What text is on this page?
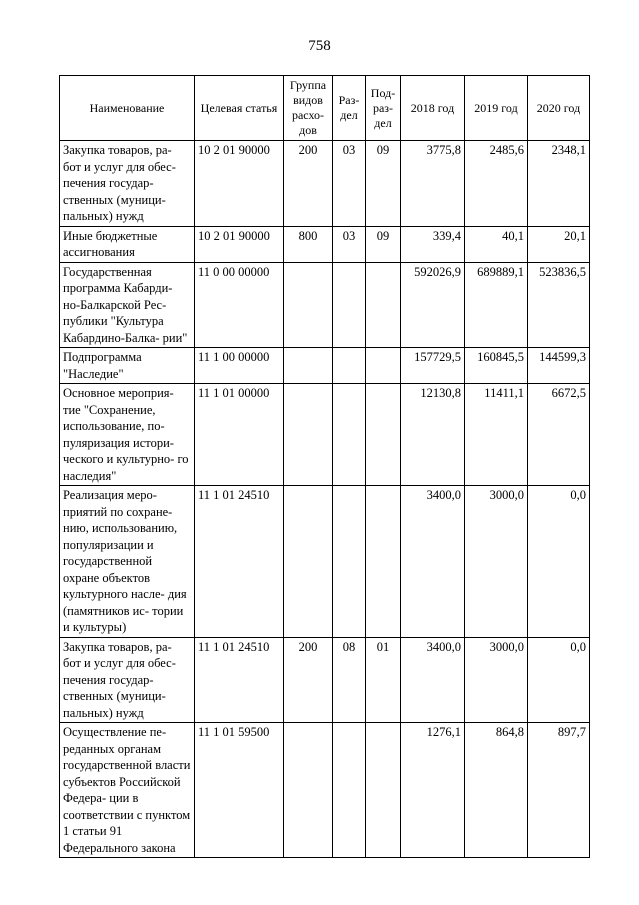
758
Наименование	Целевая статья	Группа видов расхо- дов	Раз- дел	Под- раз- дел	2018 год	2019 год	2020 год
Закупка товаров, ра- бот и услуг для обес- печения государ- ственных (муници- пальных) нужд	10 2 01 90000	200	03	09	3775,8	2485,6	2348,1
Иные бюджетные ассигнования	10 2 01 90000	800	03	09	339,4	40,1	20,1
Государственная программа Кабарди- но-Балкарской Рес- публики "Культура Кабардино-Балка- рии"	11 0 00 00000				592026,9	689889,1	523836,5
Подпрограмма "Наследие"	11 1 00 00000				157729,5	160845,5	144599,3
Основное мероприя- тие "Сохранение, использование, по- пуляризация истори- ческого и культурно- го наследия"	11 1 01 00000				12130,8	11411,1	6672,5
Реализация меро- приятий по сохране- нию, использованию, популяризации и государственной охране объектов культурного насле- дия (памятников ис- тории и культуры)	11 1 01 24510				3400,0	3000,0	0,0
Закупка товаров, ра- бот и услуг для обес- печения государ- ственных (муници- пальных) нужд	11 1 01 24510	200	08	01	3400,0	3000,0	0,0
Осуществление пе- реданных органам государственной власти субъектов Российской Федера- ции в соответствии с пунктом 1 статьи 91 Федерального закона	11 1 01 59500				1276,1	864,8	897,7
